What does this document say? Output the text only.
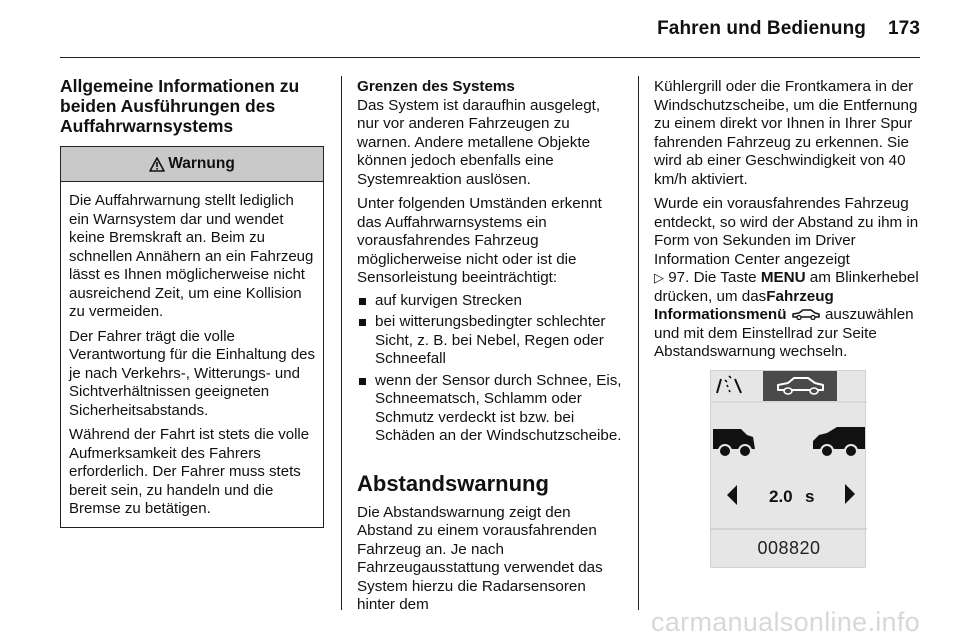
Fahren und Bedienung 173
Allgemeine Informationen zu beiden Ausführungen des Auffahrwarnsystems
Warnung

Die Auffahrwarnung stellt lediglich ein Warnsystem dar und wendet keine Bremskraft an. Beim zu schnellen Annähern an ein Fahrzeug lässt es Ihnen möglicherweise nicht ausreichend Zeit, um eine Kollision zu vermeiden.

Der Fahrer trägt die volle Verantwortung für die Einhaltung des je nach Verkehrs-, Witterungs- und Sichtverhältnissen geeigneten Sicherheitsabstands.

Während der Fahrt ist stets die volle Aufmerksamkeit des Fahrers erforderlich. Der Fahrer muss stets bereit sein, zu handeln und die Bremse zu betätigen.

Grenzen des Systems

Das System ist daraufhin ausgelegt, nur vor anderen Fahrzeugen zu warnen. Andere metallene Objekte können jedoch ebenfalls eine Systemreaktion auslösen.

Unter folgenden Umständen erkennt das Auffahrwarnsystems ein vorausfahrendes Fahrzeug möglicherweise nicht oder ist die Sensorleistung beeinträchtigt:

auf kurvigen Strecken
bei witterungsbedingter schlechter Sicht, z. B. bei Nebel, Regen oder Schneefall
wenn der Sensor durch Schnee, Eis, Schneematsch, Schlamm oder Schmutz verdeckt ist bzw. bei Schäden an der Windschutzscheibe.
Abstandswarnung

Die Abstandswarnung zeigt den Abstand zu einem vorausfahrenden Fahrzeug an. Je nach Fahrzeugausstattung verwendet das System hierzu die Radarsensoren hinter dem

Kühlergrill oder die Frontkamera in der Windschutzscheibe, um die Entfernung zu einem direkt vor Ihnen in Ihrer Spur fahrenden Fahrzeug zu erkennen. Sie wird ab einer Geschwindigkeit von 40 km/h aktiviert.

Wurde ein vorausfahrendes Fahrzeug entdeckt, so wird der Abstand zu ihm in Form von Sekunden im Driver Information Center angezeigt
▷ 97. Die Taste MENU am Blinkerhebel drücken, um dasFahrzeug Informationsmenü	auszuwählen und mit dem Einstellrad zur Seite Abstandswarnung wechseln.

2.0 s
008820
carmanualsonline.info
